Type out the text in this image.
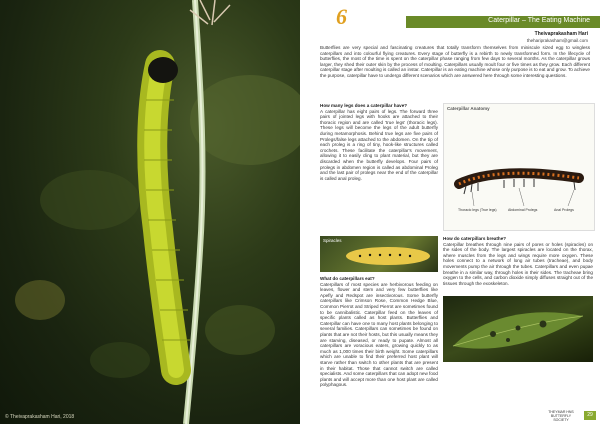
© Theivaprakasham Hari, 2018
6	Caterpillar – The Eating Machine
Theivaprakasham Hari
thehariprakasham@gmail.com
Butterflies are very special and fascinating creatures that totally transform themselves from miniscule sized egg to wingless caterpillars and into colourful flying creatures. Every stage of butterfly is a rebirth to newly transformed form. In the lifecycle of butterflies, the most of the time is spent on the caterpillar phase ranging from few days to several months. As the caterpillar grows larger, they shed their outer skin by the process of moulting. Caterpillars usually moult four or five times as they grow. Each different caterpillar stage after moulting is called an instar. Caterpillar is an eating machine whose only purpose is to eat and grow. To achieve the purpose, caterpillar have to undergo different scenarios which are answered here through some interesting questions.
How many legs does a caterpillar have?
A caterpillar has eight pairs of legs. The forward three pairs of jointed legs with hooks are attached to their thoracic region and are called 'true legs' (thoracic legs). These legs will become the legs of the adult butterfly during metamorphosis. Behind true legs are five pairs of Prolegs/false legs attached to the abdomen. On the tip of each proleg is a ring of tiny, hook-like structures called crochets. These facilitate the caterpillar's movement, allowing it to easily cling to plant material, but they are discarded when the butterfly develops. Four pairs of prolegs in abdomen region is called as abdominal Proleg and the last pair of prolegs near the end of the caterpillar is called anal proleg.
Caterpillar Anatomy
Thoracic legs (True legs)	Abdominal Prolegs	Anal Prolegs
Spiracles	How do caterpillars breathe?
Caterpillar breathes through nine pairs of pores or holes (spiracles) on the sides of the body. The largest spiracles are located on the thorax, where muscles from the legs and wings require more oxygen. These holes connect to a network of long air tubes (tracheae), and body movements pump the air through the tubes. Caterpillars and even pupae breathe in a similar way, through holes in their sides. The tracheae bring oxygen to the cells, and carbon dioxide simply diffuses straight out of the tissues through the exoskeleton.
What do caterpillars eat?
Caterpillars of most species are herbivorous feeding on leaves, flower and stem and very few butterflies like Apefly and Redspot are insectivorous. Some butterfly caterpillars like Crimson Rose, Common Hedge Blue, Common Pierrot and Striped Pierrot are sometimes found to be cannibalistic. Caterpillar feed on the leaves of specific plants called as host plants. Butterflies and Caterpillar can have one to many host plants belonging to several families. Caterpillars can sometimes be found on plants that are not their hosts, but this usually means they are starving, diseased, or ready to pupate. Almost all caterpillars are voracious eaters, growing quickly to as much as 1,000 times their birth weight. Some caterpillars which are unable to find their preferred host plant will starve rather than switch to other plants that are present in their habitat. Those that cannot switch are called specialists. And some caterpillars that can adopt new food plants and will accept more than one host plant are called polyphagous.
THEYMAR HNS BUTTERFLY SOCIETY
29
